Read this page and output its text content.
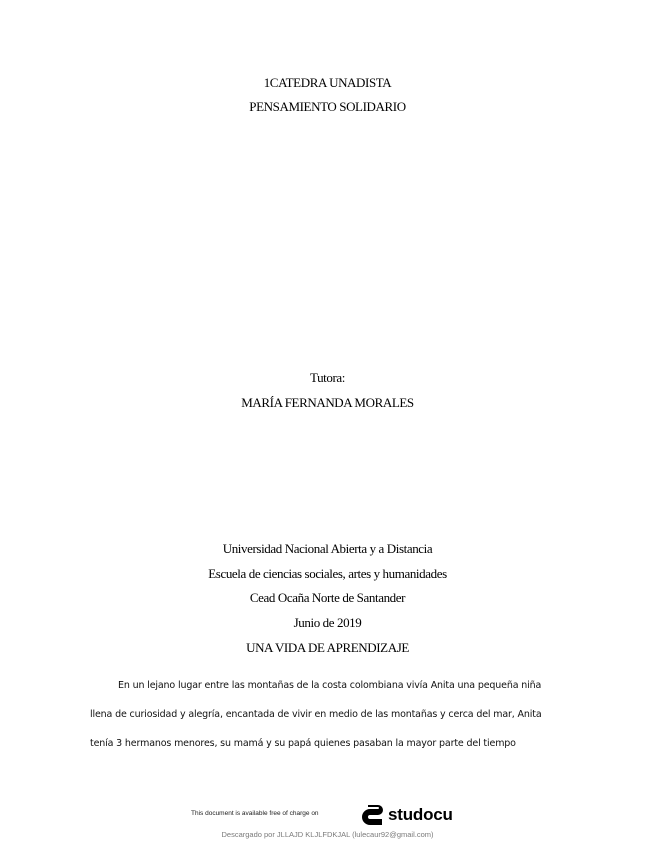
1CATEDRA UNADISTA
PENSAMIENTO SOLIDARIO
Tutora:
MARÍA FERNANDA MORALES
Universidad Nacional Abierta y a Distancia
Escuela de ciencias sociales, artes y humanidades
Cead Ocaña Norte de Santander
Junio de 2019
UNA VIDA DE APRENDIZAJE
En un lejano lugar entre las montañas de la costa colombiana vivía Anita una pequeña niña
llena de curiosidad y alegría, encantada de vivir en medio de las montañas y cerca del mar, Anita
tenía 3 hermanos menores, su mamá y su papá quienes pasaban la mayor parte del tiempo
This document is available free of charge on	studocu
Descargado por JLLAJD KLJLFDKJAL (lulecaur92@gmail.com)
